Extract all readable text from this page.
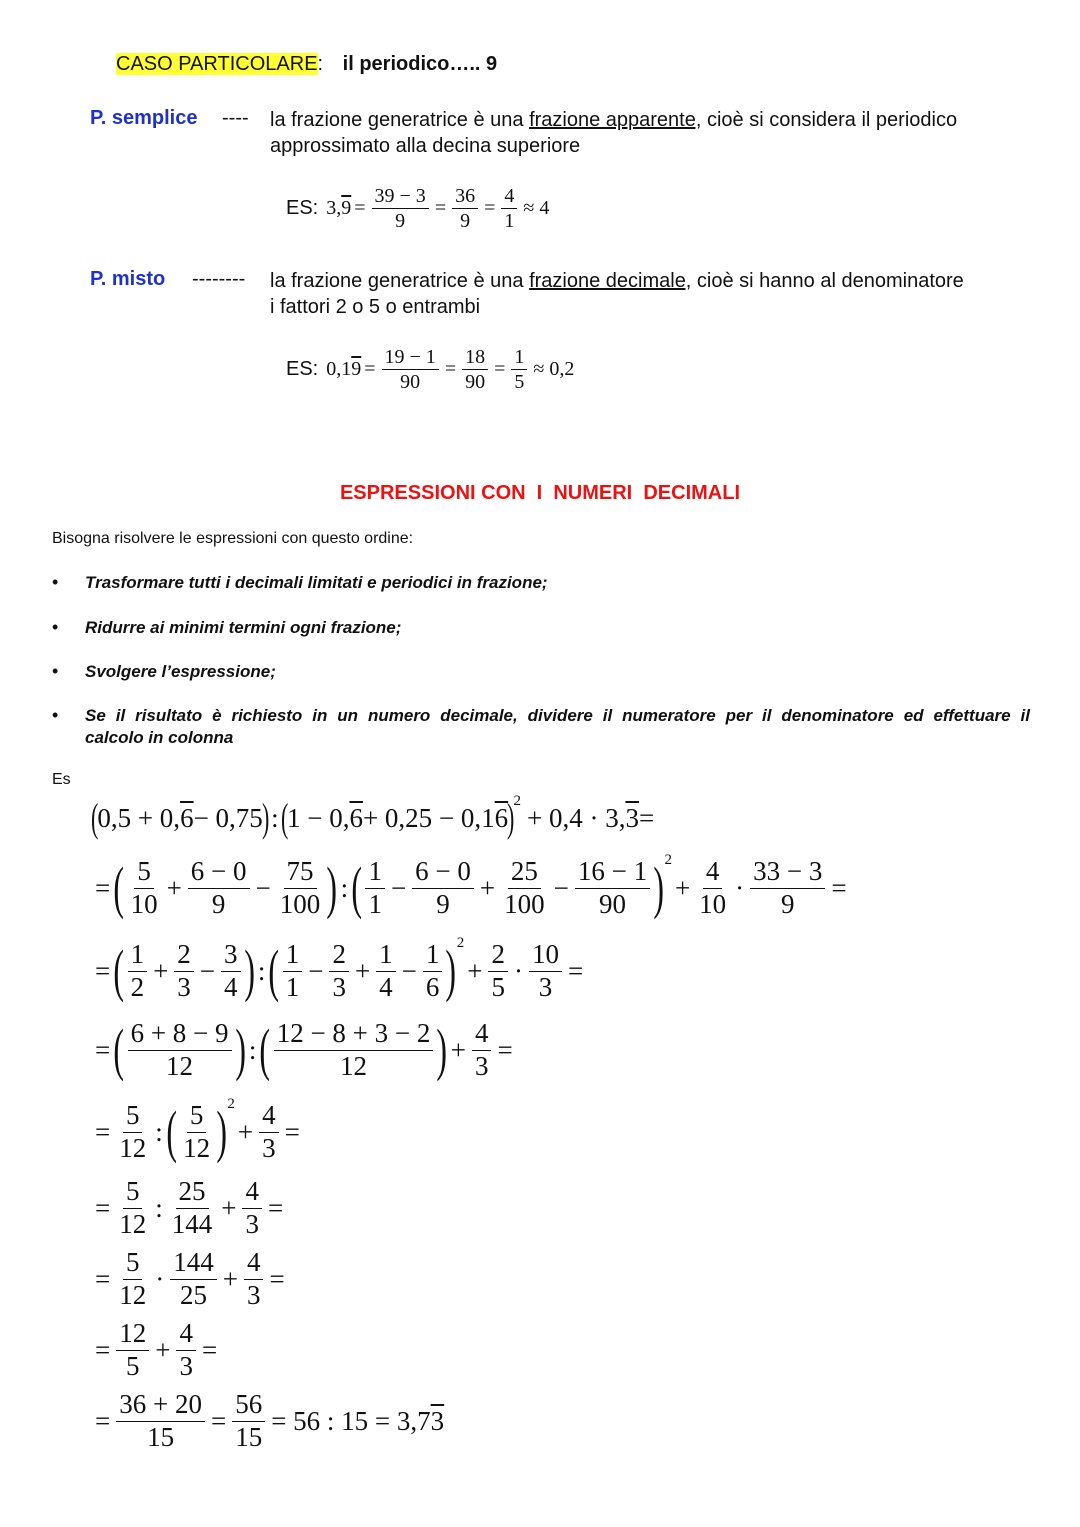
CASO PARTICOLARE: il periodico….. 9
P. semplice ---- la frazione generatrice è una frazione apparente, cioè si considera il periodico
approssimato alla decina superiore
ES: 3, $9 = \frac{39 - 3}{9} = \frac{36}{9} = \frac{4}{1} \approx 4$
P. misto -------- la frazione generatrice è una frazione decimale, cioè si hanno al denominatore
i fattori 2 o 5 o entrambi
ES: 0,1 $9 = \frac{19 - 1}{90} = \frac{18}{90} = \frac{1}{5} \approx 0,2$
ESPRESSIONI CON  I  NUMERI  DECIMALI
Bisogna risolvere le espressioni con questo ordine:
• Trasformare tutti i decimali limitati e periodici in frazione;
• Ridurre ai minimi termini ogni frazione;
• Svolgere l’espressione;
• Se il risultato è richiesto in un numero decimale, dividere il numeratore per il denominatore ed effettuare il
calcolo in colonna
Es
(
0,5 + 0, 6 − 0,75
) : (
1 − 0, 6 + 0,25 − 0,1 6
)
2
+ 0,4 · 3, 3 =
= ( $\frac{5}{10} + \frac{6 - 0}{9} - \frac{75}{100}$ ) : ( $\frac{1}{1} - \frac{6 - 0}{9} + \frac{25}{100} - \frac{16 - 1}{90}$ ) 2
+ $\frac{4}{10} \cdot \frac{33 - 3}{9}$ =
= ( $\frac{1}{2} + \frac{2}{3} - \frac{3}{4}$ ) : ( $\frac{1}{1} - \frac{2}{3} + \frac{1}{4} - \frac{1}{6}$ ) 2
+ $\frac{2}{5} \cdot \frac{10}{3}$ =
= ( $\frac{6 + 8 - 9}{12}$ ) : ( $\frac{12 - 8 + 3 - 2}{12}$ ) + $\frac{4}{3}$ =
= $\frac{5}{12}$ : ( $\frac{5}{12}$ ) 2
+ $\frac{4}{3}$ =
= $\frac{5}{12}$ : $\frac{25}{144} + \frac{4}{3}$ =
= $\frac{5}{12} \cdot \frac{144}{25} + \frac{4}{3}$ =
= $\frac{12}{5} + \frac{4}{3}$ =
= $\frac{36 + 20}{15} = \frac{56}{15} = 56$ : 15 = 3,7 3
